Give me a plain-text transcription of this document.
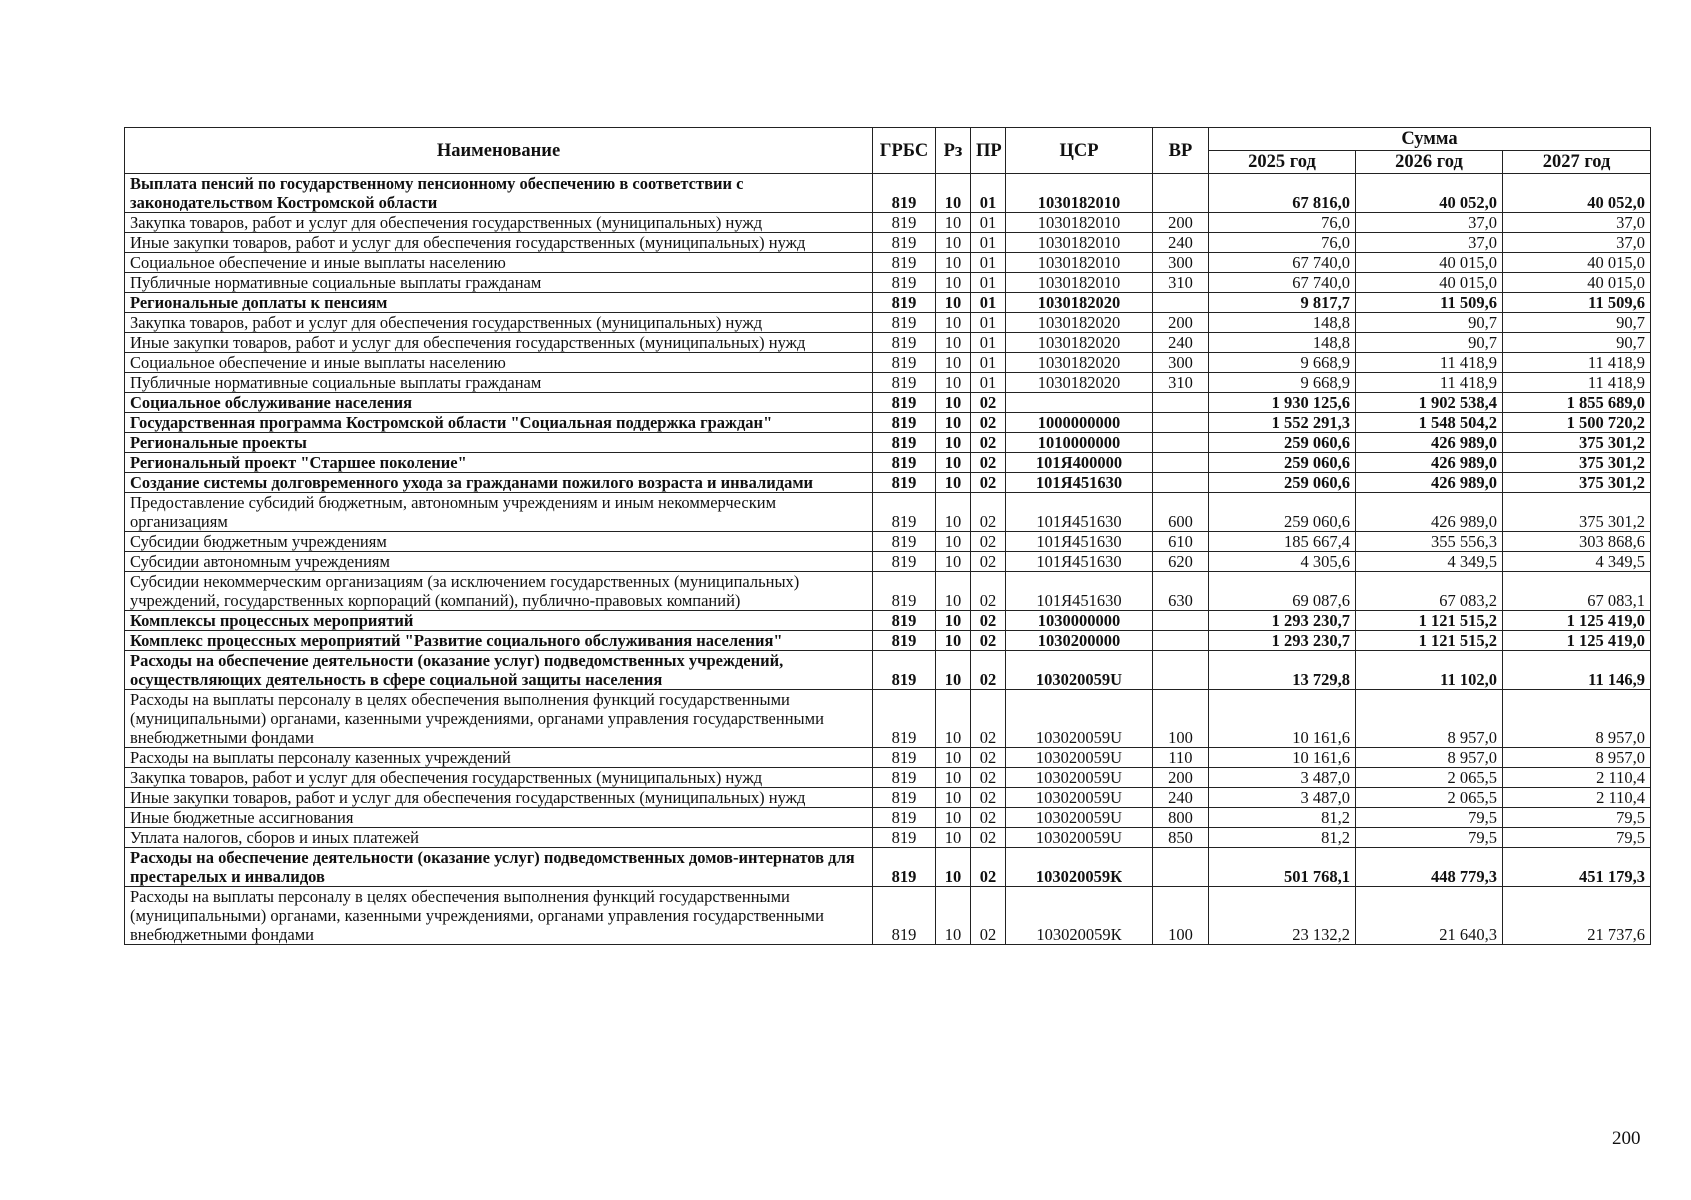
Наименование	ГРБС	Рз	ПР	ЦСР	ВР	Сумма		
						2025 год	2026 год	2027 год
Выплата пенсий по государственному пенсионному обеспечению в соответствии с законодательством Костромской области	819	10	01	1030182010		67 816,0	40 052,0	40 052,0
Закупка товаров, работ и услуг для обеспечения государственных (муниципальных) нужд	819	10	01	1030182010	200	76,0	37,0	37,0
Иные закупки товаров, работ и услуг для обеспечения государственных (муниципальных) нужд	819	10	01	1030182010	240	76,0	37,0	37,0
Социальное обеспечение и иные выплаты населению	819	10	01	1030182010	300	67 740,0	40 015,0	40 015,0
Публичные нормативные социальные выплаты гражданам	819	10	01	1030182010	310	67 740,0	40 015,0	40 015,0
Региональные доплаты к пенсиям	819	10	01	1030182020		9 817,7	11 509,6	11 509,6
Закупка товаров, работ и услуг для обеспечения государственных (муниципальных) нужд	819	10	01	1030182020	200	148,8	90,7	90,7
Иные закупки товаров, работ и услуг для обеспечения государственных (муниципальных) нужд	819	10	01	1030182020	240	148,8	90,7	90,7
Социальное обеспечение и иные выплаты населению	819	10	01	1030182020	300	9 668,9	11 418,9	11 418,9
Публичные нормативные социальные выплаты гражданам	819	10	01	1030182020	310	9 668,9	11 418,9	11 418,9
Социальное обслуживание населения	819	10	02			1 930 125,6	1 902 538,4	1 855 689,0
Государственная программа Костромской области "Социальная поддержка граждан"	819	10	02	1000000000		1 552 291,3	1 548 504,2	1 500 720,2
Региональные проекты	819	10	02	1010000000		259 060,6	426 989,0	375 301,2
Региональный проект "Старшее поколение"	819	10	02	101Я400000		259 060,6	426 989,0	375 301,2
Создание системы долговременного ухода за гражданами пожилого возраста и инвалидами	819	10	02	101Я451630		259 060,6	426 989,0	375 301,2
Предоставление субсидий бюджетным, автономным учреждениям и иным некоммерческим организациям	819	10	02	101Я451630	600	259 060,6	426 989,0	375 301,2
Субсидии бюджетным учреждениям	819	10	02	101Я451630	610	185 667,4	355 556,3	303 868,6
Субсидии автономным учреждениям	819	10	02	101Я451630	620	4 305,6	4 349,5	4 349,5
Субсидии некоммерческим организациям (за исключением государственных (муниципальных) учреждений, государственных корпораций (компаний), публично-правовых компаний)	819	10	02	101Я451630	630	69 087,6	67 083,2	67 083,1
Комплексы процессных мероприятий	819	10	02	1030000000		1 293 230,7	1 121 515,2	1 125 419,0
Комплекс процессных мероприятий "Развитие социального обслуживания населения"	819	10	02	1030200000		1 293 230,7	1 121 515,2	1 125 419,0
Расходы на обеспечение деятельности (оказание услуг) подведомственных учреждений, осуществляющих деятельность в сфере социальной защиты населения	819	10	02	103020059U		13 729,8	11 102,0	11 146,9
Расходы на выплаты персоналу в целях обеспечения выполнения функций государственными (муниципальными) органами, казенными учреждениями, органами управления государственными внебюджетными фондами	819	10	02	103020059U	100	10 161,6	8 957,0	8 957,0
Расходы на выплаты персоналу казенных учреждений	819	10	02	103020059U	110	10 161,6	8 957,0	8 957,0
Закупка товаров, работ и услуг для обеспечения государственных (муниципальных) нужд	819	10	02	103020059U	200	3 487,0	2 065,5	2 110,4
Иные закупки товаров, работ и услуг для обеспечения государственных (муниципальных) нужд	819	10	02	103020059U	240	3 487,0	2 065,5	2 110,4
Иные бюджетные ассигнования	819	10	02	103020059U	800	81,2	79,5	79,5
Уплата налогов, сборов и иных платежей	819	10	02	103020059U	850	81,2	79,5	79,5
Расходы на обеспечение деятельности (оказание услуг) подведомственных домов-интернатов для престарелых и инвалидов	819	10	02	103020059К		501 768,1	448 779,3	451 179,3
Расходы на выплаты персоналу в целях обеспечения выполнения функций государственными (муниципальными) органами, казенными учреждениями, органами управления государственными внебюджетными фондами	819	10	02	103020059К	100	23 132,2	21 640,3	21 737,6
200
